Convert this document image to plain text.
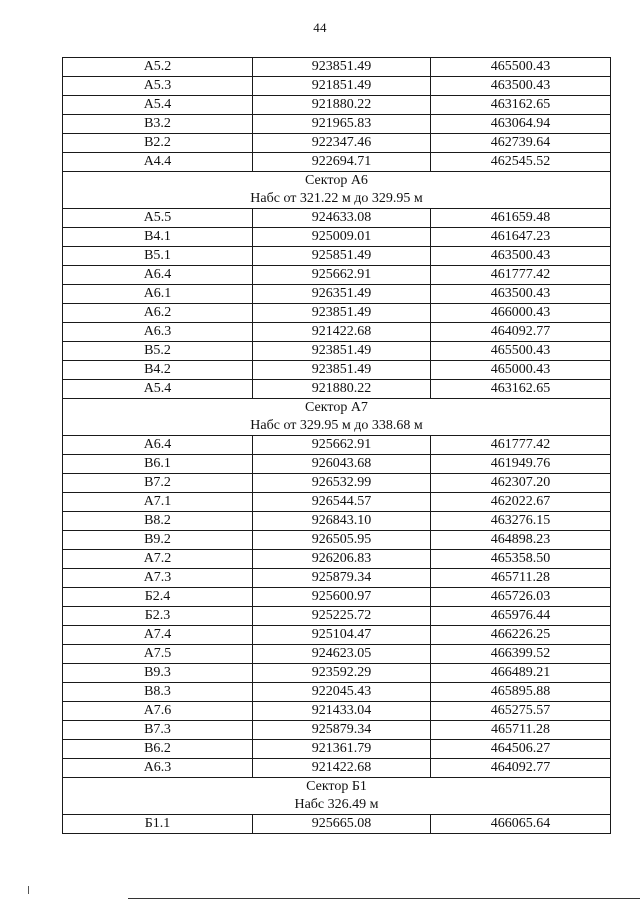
44
А5.2	923851.49	465500.43
А5.3	921851.49	463500.43
А5.4	921880.22	463162.65
В3.2	921965.83	463064.94
В2.2	922347.46	462739.64
А4.4	922694.71	462545.52
Сектор А6		
Набс от 321.22 м до 329.95 м		
А5.5	924633.08	461659.48
В4.1	925009.01	461647.23
В5.1	925851.49	463500.43
А6.4	925662.91	461777.42
А6.1	926351.49	463500.43
А6.2	923851.49	466000.43
А6.3	921422.68	464092.77
В5.2	923851.49	465500.43
В4.2	923851.49	465000.43
А5.4	921880.22	463162.65
Сектор А7		
Набс от 329.95 м до 338.68 м		
А6.4	925662.91	461777.42
В6.1	926043.68	461949.76
В7.2	926532.99	462307.20
А7.1	926544.57	462022.67
В8.2	926843.10	463276.15
В9.2	926505.95	464898.23
А7.2	926206.83	465358.50
А7.3	925879.34	465711.28
Б2.4	925600.97	465726.03
Б2.3	925225.72	465976.44
А7.4	925104.47	466226.25
А7.5	924623.05	466399.52
В9.3	923592.29	466489.21
В8.3	922045.43	465895.88
А7.6	921433.04	465275.57
В7.3	925879.34	465711.28
В6.2	921361.79	464506.27
А6.3	921422.68	464092.77
Сектор Б1		
Набс 326.49 м		
Б1.1	925665.08	466065.64
